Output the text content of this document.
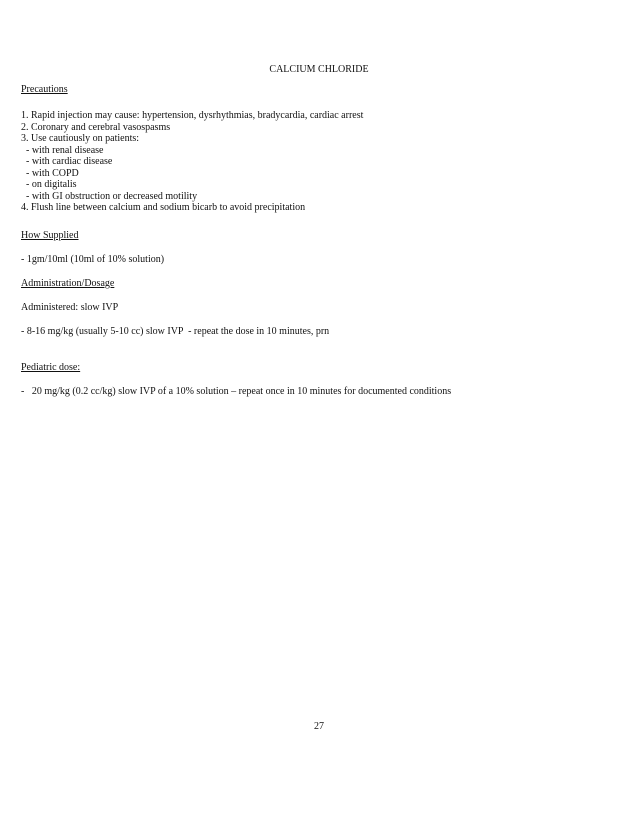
CALCIUM CHLORIDE

Precautions

1. Rapid injection may cause: hypertension, dysrhythmias, bradycardia, cardiac arrest

2. Coronary and cerebral vasospasms

3. Use cautiously on patients:

- with renal disease

- with cardiac disease

- with COPD

- on digitalis

- with GI obstruction or decreased motility

4. Flush line between calcium and sodium bicarb to avoid precipitation

How Supplied

- 1gm/10ml (10ml of 10% solution)

Administration/Dosage

Administered: slow IVP

- 8-16 mg/kg (usually 5-10 cc) slow IVP  - repeat the dose in 10 minutes, prn

Pediatric dose:

-   20 mg/kg (0.2 cc/kg) slow IVP of a 10% solution – repeat once in 10 minutes for documented conditions

27
